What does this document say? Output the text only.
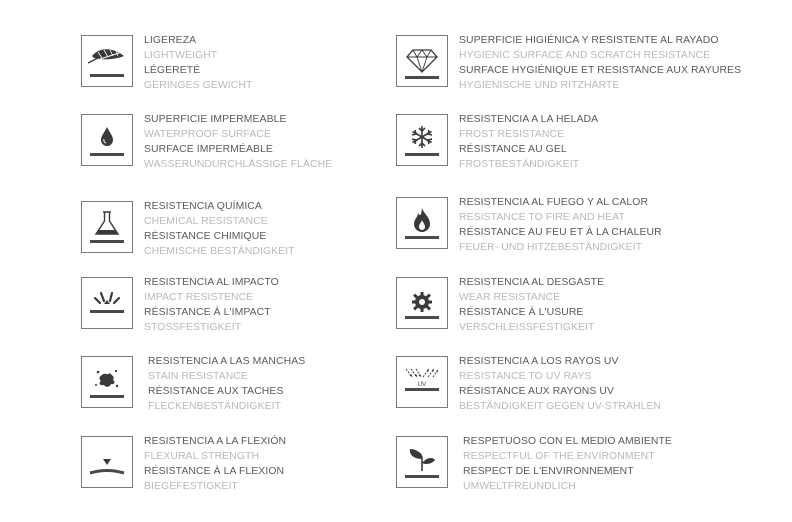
LIGEREZA
LIGHTWEIGHT
LÉGERETÉ
GERINGES GEWICHT
SUPERFICIE HIGIÉNICA Y RESISTENTE AL RAYADO
HYGIENIC SURFACE AND SCRATCH RESISTANCE
SURFACE HYGIÉNIQUE ET RESISTANCE AUX RAYURES
HYGIENISCHE UND RITZHÄRTE
SUPERFICIE IMPERMEABLE
WATERPROOF SURFACE
SURFACE IMPERMÉABLE
WASSERUNDURCHLÄSSIGE FLÄCHE
RESISTENCIA A LA HELADA
FROST RESISTANCE
RÉSISTANCE AU GEL
FROSTBESTÄNDIGKEIT
RESISTENCIA QUÍMICA
CHEMICAL RESISTANCE
RÉSISTANCE CHIMIQUE
CHEMISCHE BESTÄNDIGKEIT
RESISTENCIA AL FUEGO Y AL CALOR
RESISTANCE TO FIRE AND HEAT
RÉSISTANCE AU FEU ET À LA CHALEUR
FEUER- UND HITZEBESTÄNDIGKEIT
RESISTENCIA AL IMPACTO
IMPACT RESISTENCE
RÉSISTANCE À L'IMPACT
STOSSFESTIGKEIT
RESISTENCIA AL DESGASTE
WEAR RESISTANCE
RÉSISTANCE À L'USURE
VERSCHLEISSFESTIGKEIT
RESISTENCIA A LAS MANCHAS
STAIN RESISTANCE
RÉSISTANCE AUX TACHES
FLECKENBESTÄNDIGKEIT
UV
RESISTENCIA A LOS RAYOS UV
RESISTANCE TO UV RAYS
RÉSISTANCE AUX RAYONS UV
BESTÄNDIGKEIT GEGEN UV-STRAHLEN
RESISTENCIA A LA FLEXIÓN
FLEXURAL STRENGTH
RÉSISTANCE À LA FLEXION
BIEGEFESTIGKEIT
RESPETUOSO CON EL MEDIO AMBIENTE
RESPECTFUL OF THE ENVIRONMENT
RESPECT DE L'ENVIRONNEMENT
UMWELTFREUNDLICH
